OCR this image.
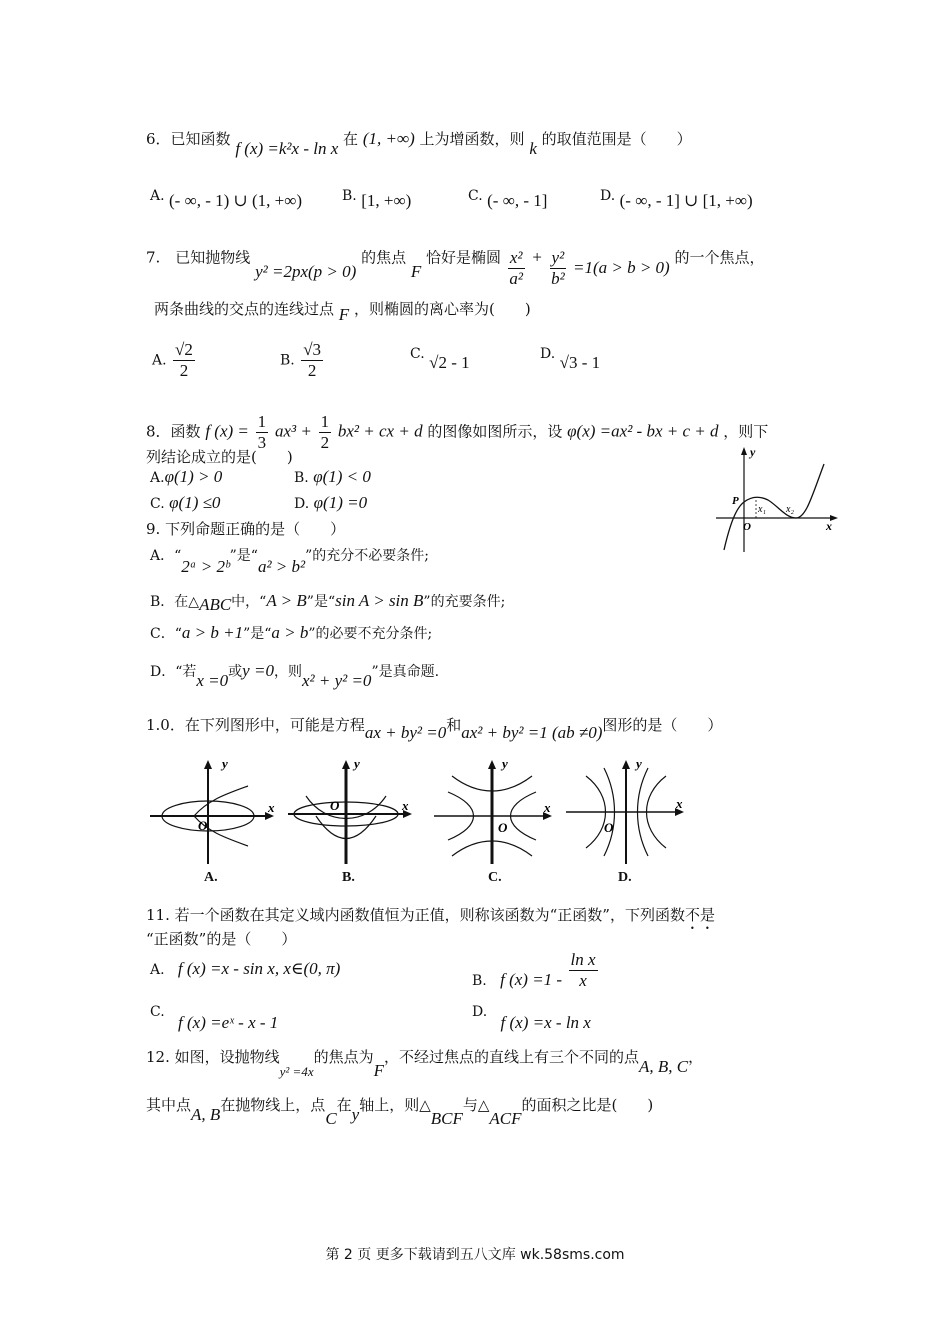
6．已知函数 f (x) =k²x - ln x 在 (1, +∞) 上为增函数，则 k 的取值范围是（　　）
A. (- ∞, - 1) ∪ (1, +∞)	B. [1, +∞)	C. (- ∞, - 1]	D. (- ∞, - 1] ∪ [1, +∞)
7.　已知抛物线 y² =2px(p > 0) 的焦点 F 恰好是椭圆 $\frac{\text{x²}}{\text{a²}} + \frac{\text{y²}}{\text{b²}} =1(a > b > 0)$ 的一个焦点，
两条曲线的交点的连线过点 F ，则椭圆的离心率为(　　)
A. $\frac{√2}{2}$	B. $\frac{√3}{2}$	C. √2 - 1	D. √3 - 1
8．函数 f $(x) = \frac{1}{3} ax^3 + \frac{1}{2} bx^2$ + cx + d 的图像如图所示，设 φ(x) =ax² - bx + c + d ，则下
列结论成立的是(　　)
A.φ(1) > 0	B. φ(1) < 0
C. φ(1) ≤0	D. φ(1) =0
y
x
P
O
x₁ x₂
9. 下列命题正确的是（　　）
A．“2ᵃ > 2ᵇ”是“a² > b²”的充分不必要条件;
B．在△ABC中，“A > B”是“sin A > sin B”的充要条件;
C．“a > b +1”是“a > b”的必要不充分条件;
D．“若x =0或y =0，则x² + y² =0”是真命题.
1.0．在下列图形中，可能是方程ax + by² =0和ax² + by² =1 (ab ≠0)图形的是（　　）
y
x
O
A.
y
x
O
B.
y
x
O
C.
y
x
O
D.
11. 若一个函数在其定义域内函数值恒为正值，则称该函数为“正函数”，下列函数不是
“正函数”的是（　　）
A. f (x) =x - sin x, x∈(0, π)
B. f $(x) =1 - \frac{\text{ln x}}{x}$
C.   f (x) =eˣ - x - 1
D.   f (x) =x - ln x
12. 如图，设抛物线y² =4x的焦点为F，不经过焦点的直线上有三个不同的点A, B, C，
其中点A, B在抛物线上，点C在y轴上，则△BCF与△ACF的面积之比是(　　)
第 2 页 更多下载请到五八文库 wk.58sms.com
